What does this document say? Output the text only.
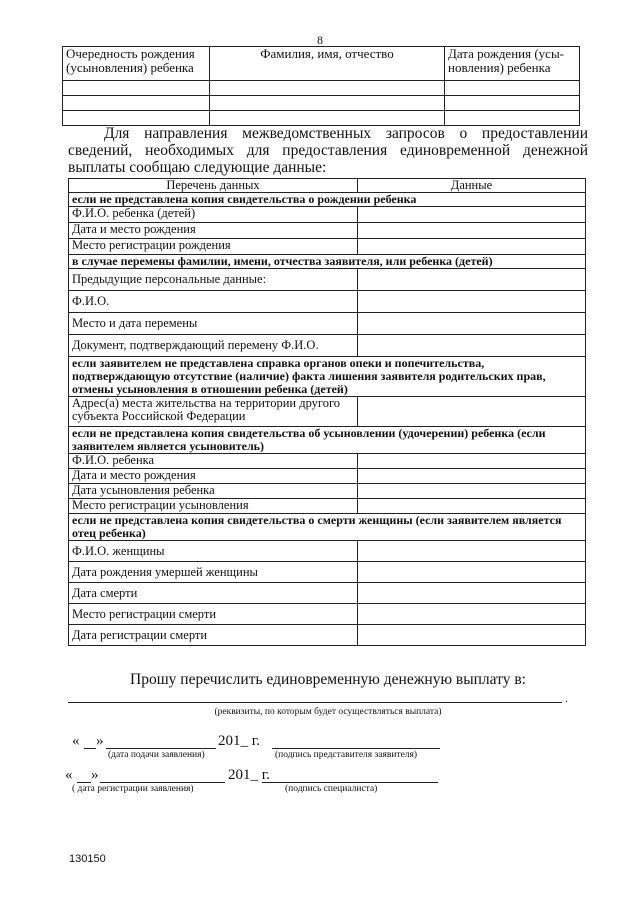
8
Очередность рождения (усыновления) ребенка	Фамилия, имя, отчество	Дата рождения (усы-новления) ребенка

Для направления межведомственных запросов о предоставлении сведений, необходимых для предоставления единовременной денежной выплаты сообщаю следующие данные:
Перечень данных	Данные
если не представлена копия свидетельства о рождении ребенка	
Ф.И.О. ребенка (детей)	
Дата и место рождения	
Место регистрации рождения	
в случае перемены фамилии, имени, отчества заявителя, или ребенка (детей)	
Предыдущие персональные данные:	
Ф.И.О.	
Место и дата перемены	
Документ, подтверждающий перемену Ф.И.О.	
если заявителем не представлена справка органов опеки и попечительства, подтверждающую отсутствие (наличие) факта лишения заявителя родительских прав, отмены усыновления в отношении ребенка (детей)	
Адрес(а) места жительства на территории другого субъекта Российской Федерации	
если не представлена копия свидетельства об усыновлении (удочерении) ребенка (если заявителем является усыновитель)	
Ф.И.О. ребенка	
Дата и место рождения	
Дата усыновления ребенка	
Место регистрации усыновления	
если не представлена копия свидетельства о смерти женщины (если заявителем является отец ребенка)	
Ф.И.О. женщины	
Дата рождения умершей женщины	
Дата смерти	
Место регистрации смерти	
Дата регистрации смерти	
Прошу перечислить единовременную денежную выплату в:
.
(реквизиты, по которым будет осуществляться выплата)
« »	201_ г.
(дата подачи заявления)	(подпись представителя заявителя)
« »	201_ г.
( дата регистрации заявления)	(подпись специалиста)
130150
